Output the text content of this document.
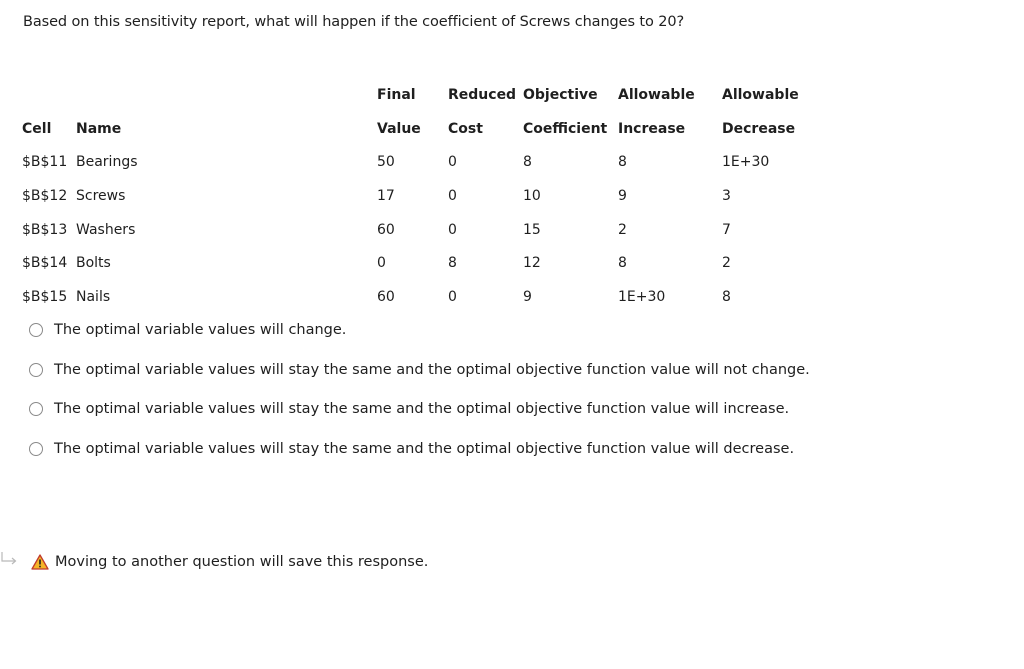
Based on this sensitivity report, what will happen if the coefficient of Screws changes to 20?
		Final	Reduced	Objective	Allowable	Allowable
Cell	Name	Value	Cost	Coefficient	Increase	Decrease
$B$11	Bearings	50	0	8	8	1E+30
$B$12	Screws	17	0	10	9	3
$B$13	Washers	60	0	15	2	7
$B$14	Bolts	0	8	12	8	2
$B$15	Nails	60	0	9	1E+30	8
The optimal variable values will change.
The optimal variable values will stay the same and the optimal objective function value will not change.
The optimal variable values will stay the same and the optimal objective function value will increase.
The optimal variable values will stay the same and the optimal objective function value will decrease.
Moving to another question will save this response.
